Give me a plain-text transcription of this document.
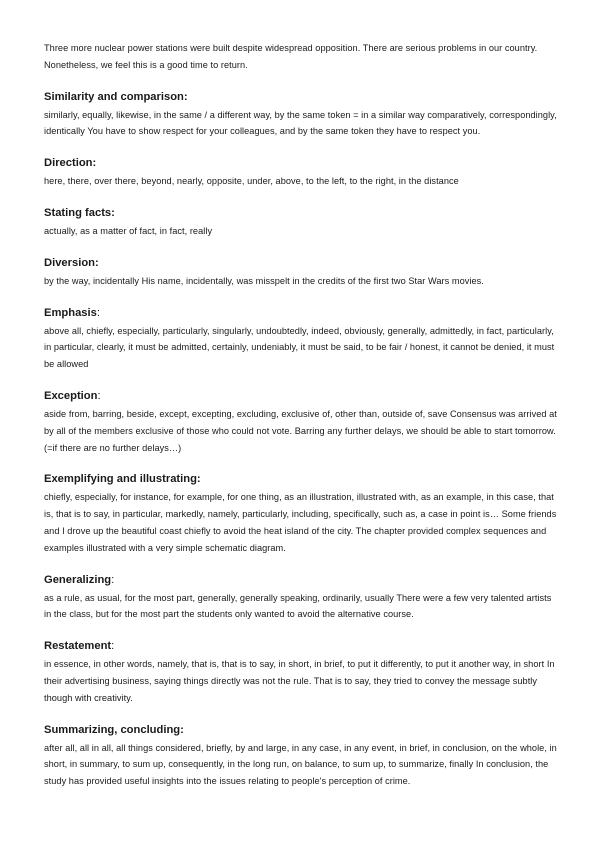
Three more nuclear power stations were built despite widespread opposition. There are serious problems in our country. Nonetheless, we feel this is a good time to return.

Similarity and comparison:

similarly, equally, likewise, in the same / a different way, by the same token = in a similar way comparatively, correspondingly, identically You have to show respect for your colleagues, and by the same token they have to respect you.

Direction:

here, there, over there, beyond, nearly, opposite, under, above, to the left, to the right, in the distance

Stating facts:

actually, as a matter of fact, in fact, really

Diversion:

by the way, incidentally His name, incidentally, was misspelt in the credits of the first two Star Wars movies.

Emphasis:

above all, chiefly, especially, particularly, singularly, undoubtedly, indeed, obviously, generally, admittedly, in fact, particularly, in particular, clearly, it must be admitted, certainly, undeniably, it must be said, to be fair / honest, it cannot be denied, it must be allowed

Exception:

aside from, barring, beside, except, excepting, excluding, exclusive of, other than, outside of, save Consensus was arrived at by all of the members exclusive of those who could not vote. Barring any further delays, we should be able to start tomorrow. (=if there are no further delays…)

Exemplifying and illustrating:

chiefly, especially, for instance, for example, for one thing, as an illustration, illustrated with, as an example, in this case, that is, that is to say, in particular, markedly, namely, particularly, including, specifically, such as, a case in point is… Some friends and I drove up the beautiful coast chiefly to avoid the heat island of the city. The chapter provided complex sequences and examples illustrated with a very simple schematic diagram.

Generalizing:

as a rule, as usual, for the most part, generally, generally speaking, ordinarily, usually There were a few very talented artists in the class, but for the most part the students only wanted to avoid the alternative course.

Restatement:

in essence, in other words, namely, that is, that is to say, in short, in brief, to put it differently, to put it another way, in short In their advertising business, saying things directly was not the rule. That is to say, they tried to convey the message subtly though with creativity.

Summarizing, concluding:

after all, all in all, all things considered, briefly, by and large, in any case, in any event, in brief, in conclusion, on the whole, in short, in summary, to sum up, consequently, in the long run, on balance, to sum up, to summarize, finally In conclusion, the study has provided useful insights into the issues relating to people's perception of crime.
